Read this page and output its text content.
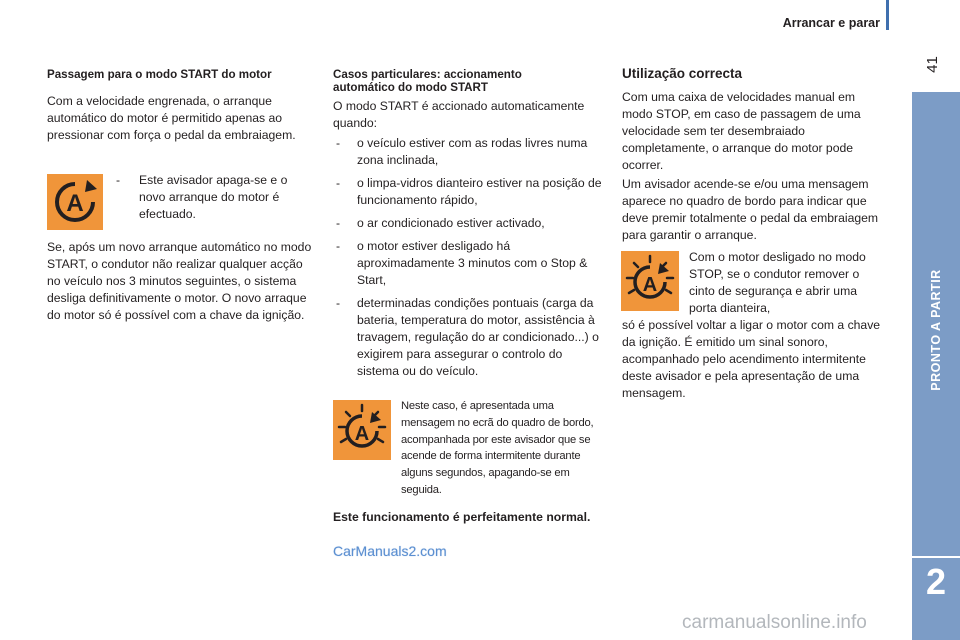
Arrancar e parar
41
PRONTO A PARTIR
2
Passagem para o modo START do motor

Com a velocidade engrenada, o arranque automático do motor é permitido apenas ao pressionar com força o pedal da embraiagem.

A
- Este avisador apaga-se e o novo arranque do motor é efectuado.

Se, após um novo arranque automático no modo START, o condutor não realizar qualquer acção no veículo nos 3 minutos seguintes, o sistema desliga definitivamente o motor. O novo arraque do motor só é possível com a chave da ignição.

Casos particulares: accionamento automático do modo START

O modo START é accionado automaticamente quando:

- o veículo estiver com as rodas livres numa zona inclinada,
- o limpa-vidros dianteiro estiver na posição de funcionamento rápido,
- o ar condicionado estiver activado,
- o motor estiver desligado há aproximadamente 3 minutos com o Stop & Start,
- determinadas condições pontuais (carga da bateria, temperatura do motor, assistência à travagem, regulação do ar condicionado...) o exigirem para assegurar o controlo do sistema ou do veículo.
A

Neste caso, é apresentada uma mensagem no ecrã do quadro de bordo, acompanhada por este avisador que se acende de forma intermitente durante alguns segundos, apagando-se em seguida.

Este funcionamento é perfeitamente normal.
CarManuals2.com
Utilização correcta

Com uma caixa de velocidades manual em modo STOP, em caso de passagem de uma velocidade sem ter desembraiado completamente, o arranque do motor pode ocorrer.

Um avisador acende-se e/ou uma mensagem aparece no quadro de bordo para indicar que deve premir totalmente o pedal da embraiagem para garantir o arranque.

A

Com o motor desligado no modo STOP, se o condutor remover o cinto de segurança e abrir uma porta dianteira,

só é possível voltar a ligar o motor com a chave da ignição. É emitido um sinal sonoro, acompanhado pelo acendimento intermitente deste avisador e pela apresentação de uma mensagem.

carmanualsonline.info
